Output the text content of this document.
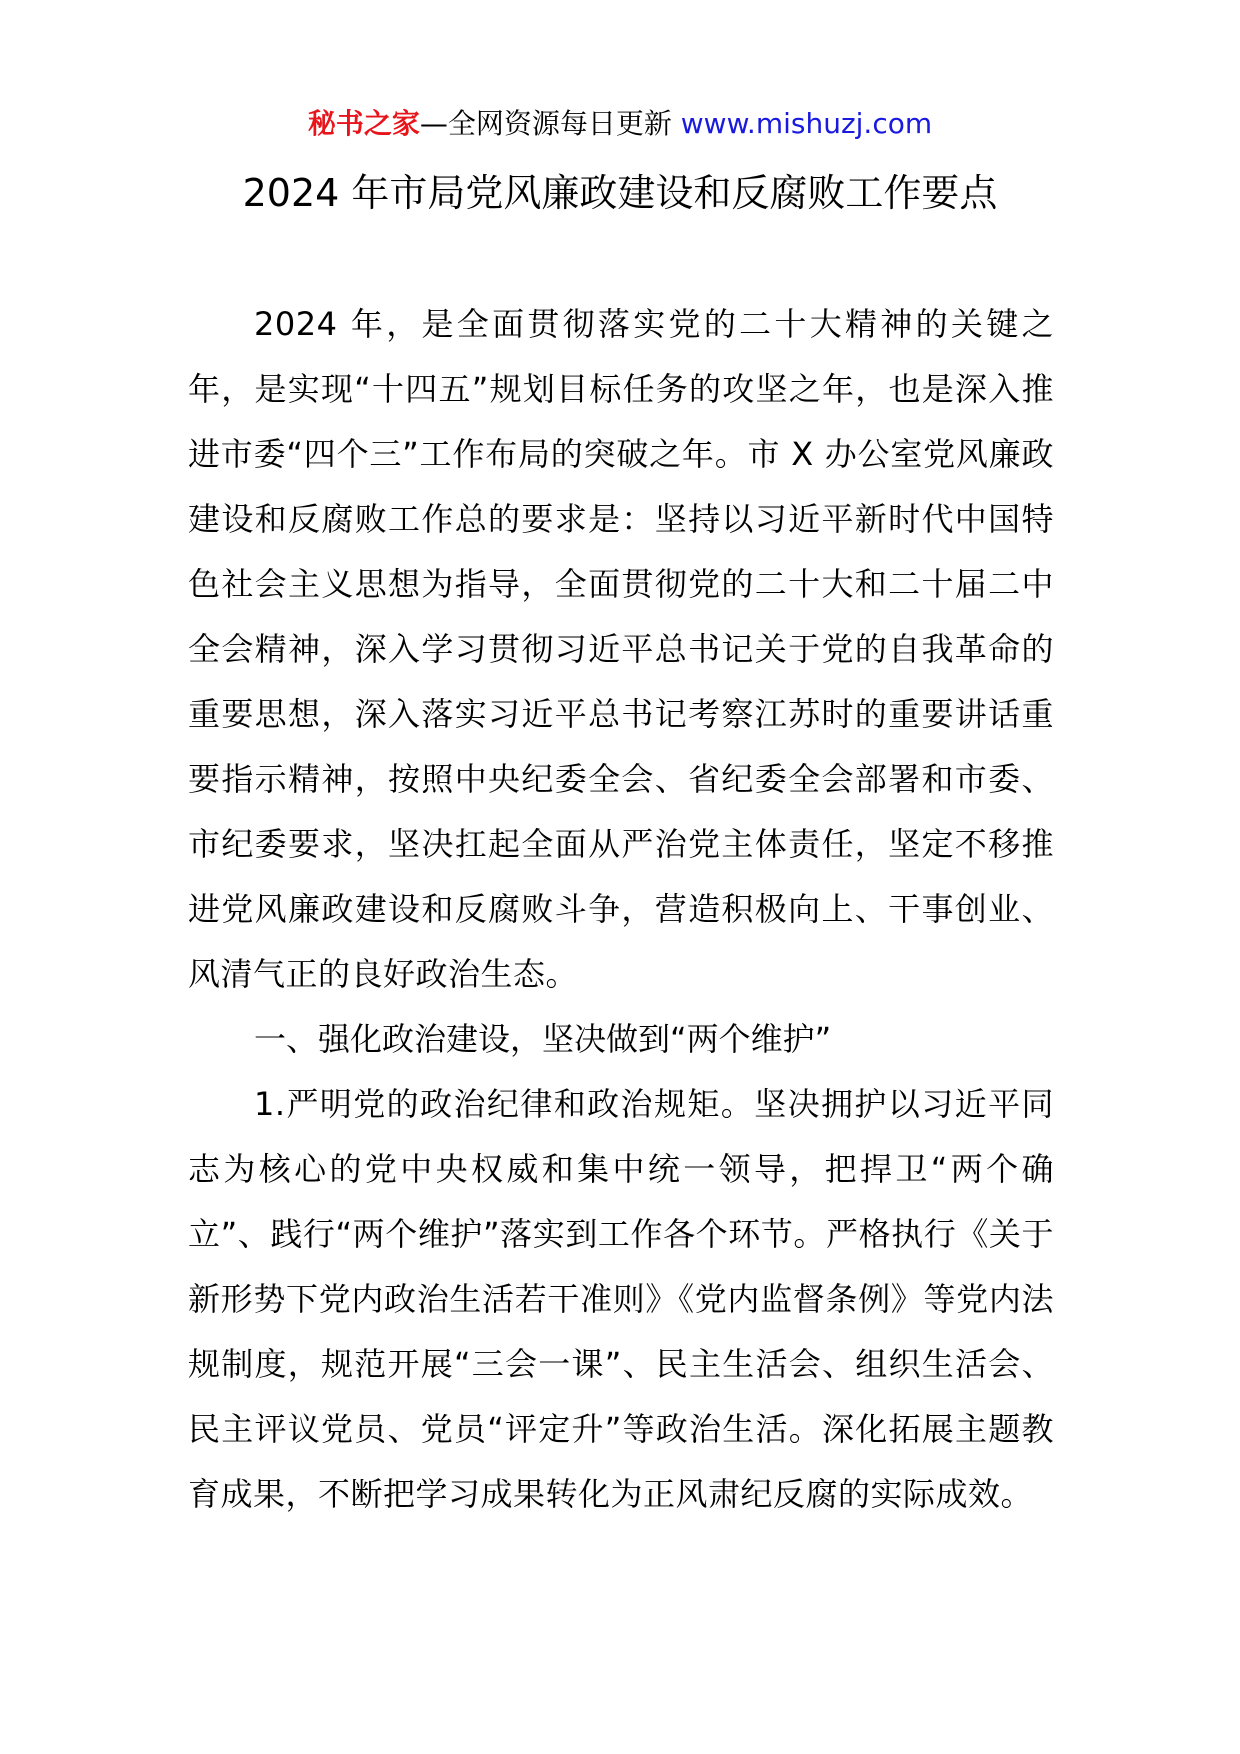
秘书之家—全网资源每日更新 www.mishuzj.com
2024 年市局党风廉政建设和反腐败工作要点

2024 年，是全面贯彻落实党的二十大精神的关键之年，是实现“十四五”规划目标任务的攻坚之年，也是深入推进市委“四个三”工作布局的突破之年。市 X 办公室党风廉政建设和反腐败工作总的要求是：坚持以习近平新时代中国特色社会主义思想为指导，全面贯彻党的二十大和二十届二中全会精神，深入学习贯彻习近平总书记关于党的自我革命的重要思想，深入落实习近平总书记考察江苏时的重要讲话重要指示精神，按照中央纪委全会、省纪委全会部署和市委、市纪委要求，坚决扛起全面从严治党主体责任，坚定不移推进党风廉政建设和反腐败斗争，营造积极向上、干事创业、风清气正的良好政治生态。

一、强化政治建设，坚决做到“两个维护”

1.严明党的政治纪律和政治规矩。坚决拥护以习近平同志为核心的党中央权威和集中统一领导，把捍卫“两个确立”、践行“两个维护”落实到工作各个环节。严格执行《关于新形势下党内政治生活若干准则》《党内监督条例》等党内法规制度，规范开展“三会一课”、民主生活会、组织生活会、民主评议党员、党员“评定升”等政治生活。深化拓展主题教育成果，不断把学习成果转化为正风肃纪反腐的实际成效。
